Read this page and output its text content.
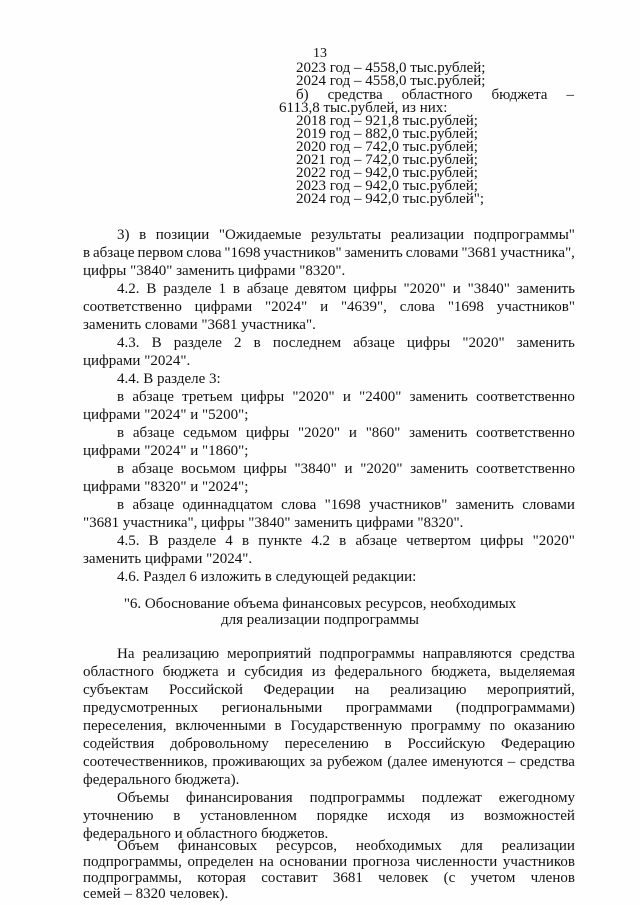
13
2023 год – 4558,0 тыс.рублей;
2024 год – 4558,0 тыс.рублей;
б) средства областного бюджета –
6113,8 тыс.рублей, из них:
2018 год – 921,8 тыс.рублей;
2019 год – 882,0 тыс.рублей;
2020 год – 742,0 тыс.рублей;
2021 год – 742,0 тыс.рублей;
2022 год – 942,0 тыс.рублей;
2023 год – 942,0 тыс.рублей;
2024 год – 942,0 тыс.рублей";
3) в позиции "Ожидаемые результаты реализации подпрограммы"
в абзаце первом слова "1698 участников" заменить словами "3681 участника",
цифры "3840" заменить цифрами "8320".
4.2. В разделе 1 в абзаце девятом цифры "2020" и "3840" заменить
соответственно цифрами "2024" и "4639", слова "1698 участников"
заменить словами "3681 участника".
4.3. В разделе 2 в последнем абзаце цифры "2020" заменить
цифрами "2024".
4.4. В разделе 3:
в абзаце третьем цифры "2020" и "2400" заменить соответственно
цифрами "2024" и "5200";
в абзаце седьмом цифры "2020" и "860" заменить соответственно
цифрами "2024" и "1860";
в абзаце восьмом цифры "3840" и "2020" заменить соответственно
цифрами "8320" и "2024";
в абзаце одиннадцатом слова "1698 участников" заменить словами
"3681 участника", цифры "3840" заменить цифрами "8320".
4.5. В разделе 4 в пункте 4.2 в абзаце четвертом цифры "2020"
заменить цифрами "2024".
4.6. Раздел 6 изложить в следующей редакции:
"6. Обоснование объема финансовых ресурсов, необходимых
для реализации подпрограммы
На реализацию мероприятий подпрограммы направляются средства
областного бюджета и субсидия из федерального бюджета, выделяемая
субъектам Российской Федерации на реализацию мероприятий,
предусмотренных региональными программами (подпрограммами)
переселения, включенными в Государственную программу по оказанию
содействия добровольному переселению в Российскую Федерацию
соотечественников, проживающих за рубежом (далее именуются – средства
федерального бюджета).
Объемы финансирования подпрограммы подлежат ежегодному
уточнению в установленном порядке исходя из возможностей
федерального и областного бюджетов.
Объем финансовых ресурсов, необходимых для реализации
подпрограммы, определен на основании прогноза численности участников
подпрограммы, которая составит 3681 человек (с учетом членов
семей – 8320 человек).
